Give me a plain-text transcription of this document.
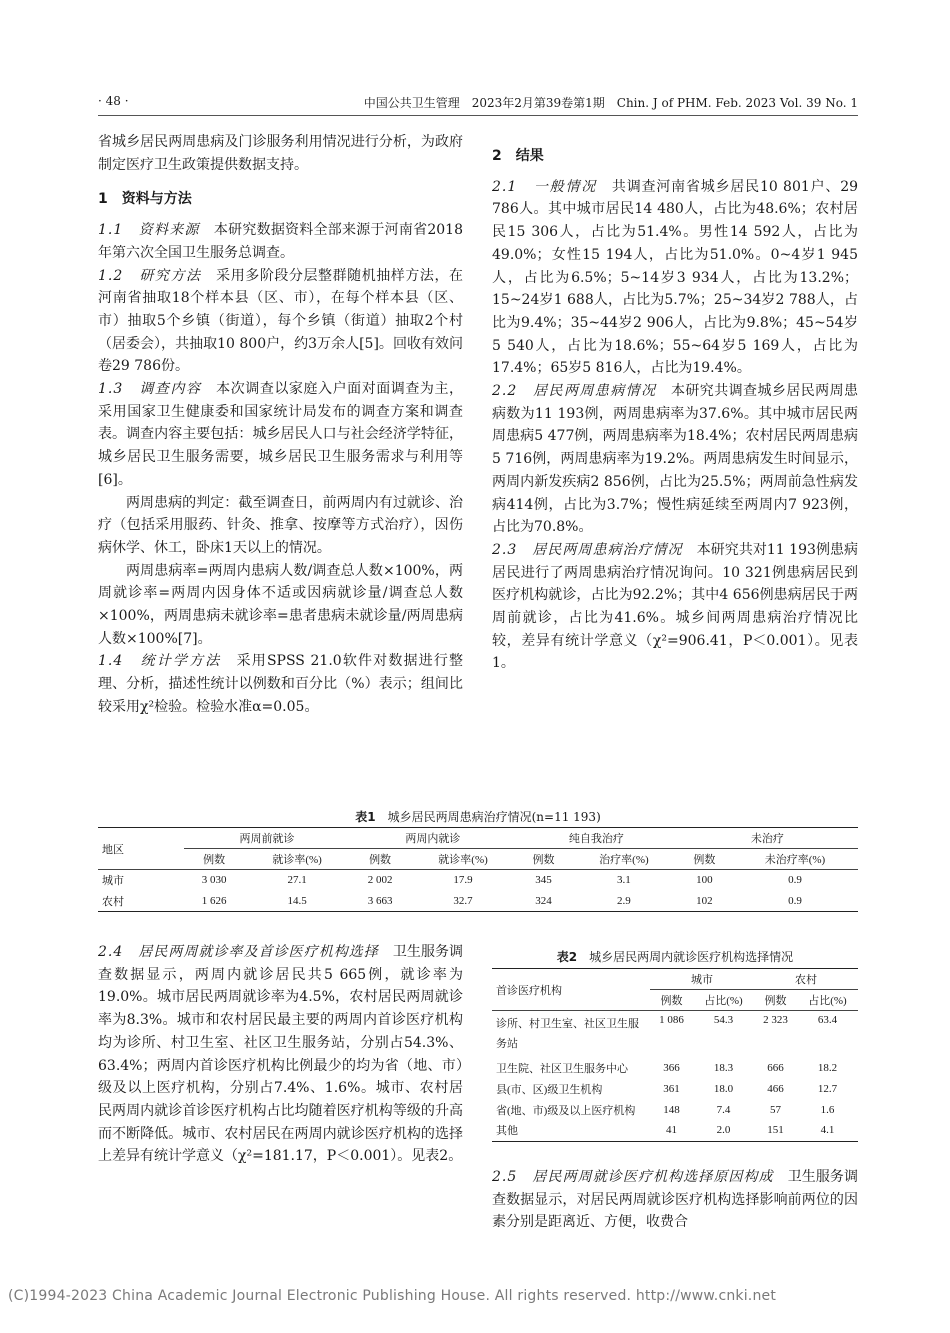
· 48 ·	中国公共卫生管理　2023年2月第39卷第1期　Chin. J of PHM. Feb. 2023 Vol. 39 No. 1

省城乡居民两周患病及门诊服务利用情况进行分析，为政府制定医疗卫生政策提供数据支持。

1　资料与方法

1.1　资料来源　 本研究数据资料全部来源于河南省2018年第六次全国卫生服务总调查。

1.2　研究方法　 采用多阶段分层整群随机抽样方法，在河南省抽取18个样本县（区、市），在每个样本县（区、市）抽取5个乡镇（街道），每个乡镇（街道）抽取2个村（居委会），共抽取10 800户，约3万余人[5]。回收有效问卷29 786份。

1.3　调查内容　 本次调查以家庭入户面对面调查为主，采用国家卫生健康委和国家统计局发布的调查方案和调查表。调查内容主要包括：城乡居民人口与社会经济学特征，城乡居民卫生服务需要，城乡居民卫生服务需求与利用等[6]。

两周患病的判定：截至调查日，前两周内有过就诊、治疗（包括采用服药、针灸、推拿、按摩等方式治疗），因伤病休学、休工，卧床1天以上的情况。

两周患病率=两周内患病人数/调查总人数×100%，两周就诊率=两周内因身体不适或因病就诊量/调查总人数×100%，两周患病未就诊率=患者患病未就诊量/两周患病人数×100%[7]。

1.4　统计学方法　 采用SPSS 21.0软件对数据进行整理、分析，描述性统计以例数和百分比（%）表示；组间比较采用χ²检验。检验水准α=0.05。

2　结果

2.1　一般情况　 共调查河南省城乡居民10 801户、29 786人。其中城市居民14 480人，占比为48.6%；农村居民15 306人，占比为51.4%。男性14 592人，占比为49.0%；女性15 194人，占比为51.0%。0~4岁1 945人，占比为6.5%；5~14岁3 934人，占比为13.2%；15~24岁1 688人，占比为5.7%；25~34岁2 788人，占比为9.4%；35~44岁2 906人，占比为9.8%；45~54岁5 540人，占比为18.6%；55~64岁5 169人，占比为17.4%；65岁5 816人，占比为19.4%。

2.2　居民两周患病情况　 本研究共调查城乡居民两周患病数为11 193例，两周患病率为37.6%。其中城市居民两周患病5 477例，两周患病率为18.4%；农村居民两周患病5 716例，两周患病率为19.2%。两周患病发生时间显示，两周内新发疾病2 856例，占比为25.5%；两周前急性病发病414例，占比为3.7%；慢性病延续至两周内7 923例，占比为70.8%。

2.3　居民两周患病治疗情况　 本研究共对11 193例患病居民进行了两周患病治疗情况询问。10 321例患病居民到医疗机构就诊，占比为92.2%；其中4 656例患病居民于两周前就诊，占比为41.6%。城乡间两周患病治疗情况比较，差异有统计学意义（χ²=906.41，P＜0.001）。见表1。

表1　 城乡居民两周患病治疗情况(n=11 193)
地区	两周前就诊		两周内就诊		纯自我治疗		未治疗	
	例数	就诊率(%)	例数	就诊率(%)	例数	治疗率(%)	例数	未治疗率(%)
城市	3 030	27.1	2 002	17.9	345	3.1	100	0.9
农村	1 626	14.5	3 663	32.7	324	2.9	102	0.9

2.4　居民两周就诊率及首诊医疗机构选择　 卫生服务调查数据显示，两周内就诊居民共5 665例，就诊率为19.0%。城市居民两周就诊率为4.5%，农村居民两周就诊率为8.3%。城市和农村居民最主要的两周内首诊医疗机构均为诊所、村卫生室、社区卫生服务站，分别占54.3%、63.4%；两周内首诊医疗机构比例最少的均为省（地、市）级及以上医疗机构，分别占7.4%、1.6%。城市、农村居民两周内就诊首诊医疗机构占比均随着医疗机构等级的升高而不断降低。城市、农村居民在两周内就诊医疗机构的选择上差异有统计学意义（χ²=181.17，P＜0.001）。见表2。

表2　 城乡居民两周内就诊医疗机构选择情况
首诊医疗机构	城市		农村	
	例数	占比(%)	例数	占比(%)
诊所、村卫生室、社区卫生服务站	1 086	54.3	2 323	63.4
卫生院、社区卫生服务中心	366	18.3	666	18.2
县(市、区)级卫生机构	361	18.0	466	12.7
省(地、市)级及以上医疗机构	148	7.4	57	1.6
其他	41	2.0	151	4.1

2.5　居民两周就诊医疗机构选择原因构成　 卫生服务调查数据显示，对居民两周就诊医疗机构选择影响前两位的因素分别是距离近、方便，收费合

(C)1994-2023 China Academic Journal Electronic Publishing House. All rights reserved. http://www.cnki.net
